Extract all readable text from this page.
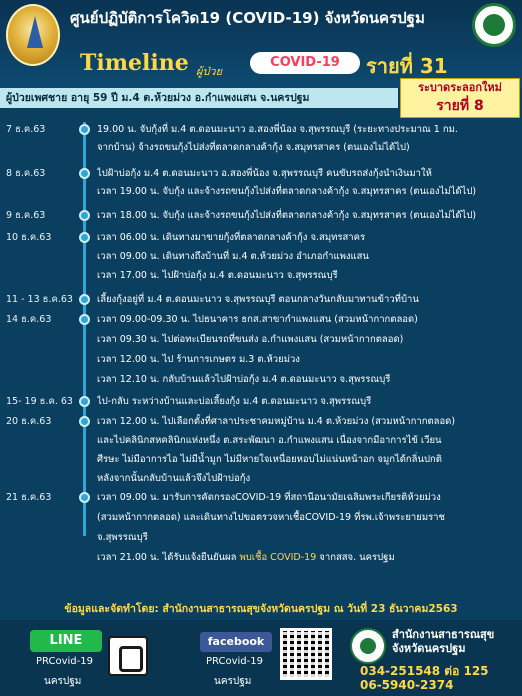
ศูนย์ปฏิบัติการโควิด19 (COVID-19) จังหวัดนครปฐม
Timeline ผู้ป่วย
COVID-19	รายที่ 31
ผู้ป่วยเพศชาย อายุ 59 ปี ม.4 ต.ห้วยม่วง อ.กำแพงแสน จ.นครปฐม
ระบาดระลอกใหม่
รายที่ 8
7 ธ.ค.63	19.00 น. จับกุ้งที่ ม.4 ต.ดอนมะนาว อ.สองพี่น้อง จ.สุพรรณบุรี (ระยะทางประมาณ 1 กม.
จากบ้าน) จ้างรถขนกุ้งไปส่งที่ตลาดกลางค้ากุ้ง จ.สมุทรสาคร (ตนเองไม่ได้ไป)
8 ธ.ค.63	ไปฝ้าบ่อกุ้ง ม.4 ต.ดอนมะนาว อ.สองพี่น้อง จ.สุพรรณบุรี คนขับรถส่งกุ้งนำเงินมาให้
เวลา 19.00 น. จับกุ้ง และจ้างรถขนกุ้งไปส่งที่ตลาดกลางค้ากุ้ง จ.สมุทรสาคร (ตนเองไม่ได้ไป)
9 ธ.ค.63	เวลา 18.00 น. จับกุ้ง และจ้างรถขนกุ้งไปส่งที่ตลาดกลางค้ากุ้ง จ.สมุทรสาคร (ตนเองไม่ได้ไป)
10 ธ.ค.63	เวลา 06.00 น. เดินทางมาขายกุ้งที่ตลาดกลางค้ากุ้ง จ.สมุทรสาคร
เวลา 09.00 น. เดินทางถึงบ้านที่ ม.4 ต.ห้วยม่วง อำเภอกำแพงแสน
เวลา 17.00 น. ไปฝ้าบ่อกุ้ง ม.4 ต.ดอนมะนาว จ.สุพรรณบุรี
11 - 13 ธ.ค.63	เลี้ยงกุ้งอยู่ที่ ม.4 ต.ดอนมะนาว จ.สุพรรณบุรี ตอนกลางวันกลับมาทานข้าวที่บ้าน
14 ธ.ค.63	เวลา 09.00-09.30 น. ไปธนาคาร ธกส.สาขากำแพงแสน (สวมหน้ากากตลอด)
เวลา 09.30 น. ไปต่อทะเบียนรถที่ขนส่ง อ.กำแพงแสน (สวมหน้ากากตลอด)
เวลา 12.00 น. ไป ร้านการเกษตร ม.3 ต.ห้วยม่วง
เวลา 12.10 น. กลับบ้านแล้วไปฝ้าบ่อกุ้ง ม.4 ต.ดอนมะนาว จ.สุพรรณบุรี
15- 19 ธ.ค. 63	ไป-กลับ ระหว่างบ้านและบ่อเลี้ยงกุ้ง ม.4 ต.ดอนมะนาว จ.สุพรรณบุรี
20 ธ.ค.63	เวลา 12.00 น. ไปเลือกตั้งที่ศาลาประชาคมหมู่บ้าน ม.4 ต.ห้วยม่วง (สวมหน้ากากตลอด)
และไปคลินิกสหคลินิกแห่งหนึ่ง ต.สระพัฒนา อ.กำแพงแสน เนื่องจากมีอาการไข้ เวียน
ศีรษะ ไม่มีอาการไอ ไม่มีน้ำมูก ไม่มีหายใจเหนื่อยหอบไม่แน่นหน้าอก จมูกได้กลิ่นปกติ
หลังจากนั้นกลับบ้านแล้วจึงไปฝ้าบ่อกุ้ง
21 ธ.ค.63	เวลา 09.00 น. มารับการคัดกรองCOVID-19 ที่สถานีอนามัยเฉลิมพระเกียรติห้วยม่วง
(สวมหน้ากากตลอด) และเดินทางไปขอตรวจหาเชื้อCOVID-19 ที่รพ.เจ้าพระยายมราช
จ.สุพรรณบุรี
เวลา 21.00 น. ได้รับแจ้งยืนยันผล พบเชื้อ COVID-19 จากสสจ. นครปฐม
ข้อมูลและจัดทำโดย: สำนักงานสาธารณสุขจังหวัดนครปฐม ณ วันที่ 23 ธันวาคม2563
LINE
PRCovid-19
นครปฐม
facebook
PRCovid-19
นครปฐม
สำนักงานสาธารณสุข
จังหวัดนครปฐม
034-251548 ต่อ 125
06-5940-2374
